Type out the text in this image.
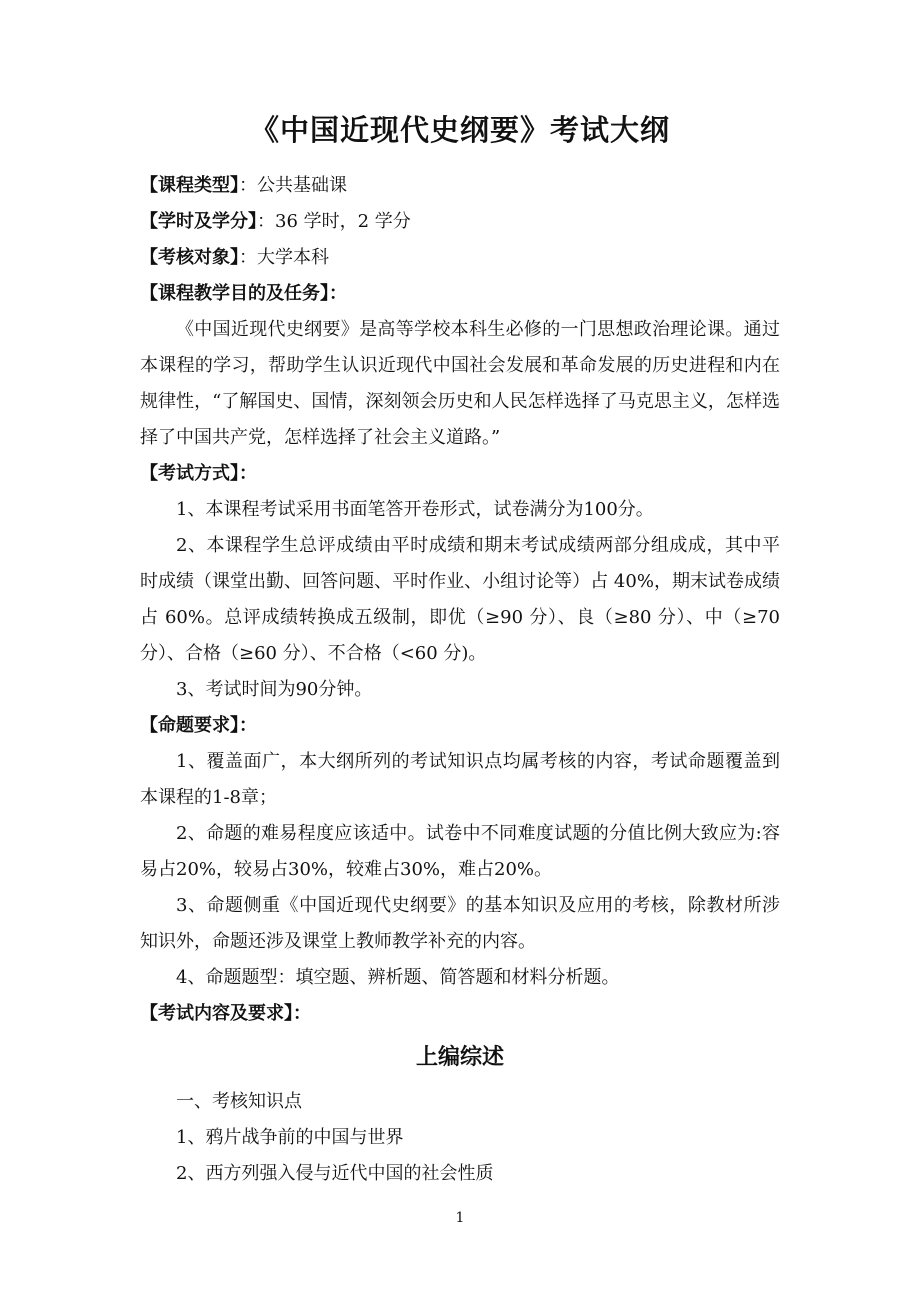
《中国近现代史纲要》考试大纲
【课程类型】：公共基础课
【学时及学分】：36 学时，2 学分
【考核对象】：大学本科
【课程教学目的及任务】：
《中国近现代史纲要》是高等学校本科生必修的一门思想政治理论课。通过本课程的学习，帮助学生认识近现代中国社会发展和革命发展的历史进程和内在规律性，“了解国史、国情，深刻领会历史和人民怎样选择了马克思主义，怎样选择了中国共产党，怎样选择了社会主义道路。”
【考试方式】：
1、本课程考试采用书面笔答开卷形式，试卷满分为100分。
2、本课程学生总评成绩由平时成绩和期末考试成绩两部分组成成，其中平时成绩（课堂出勤、回答问题、平时作业、小组讨论等）占 40%，期末试卷成绩占 60%。总评成绩转换成五级制，即优（≥90 分）、良（≥80 分）、中（≥70分）、合格（≥60 分）、不合格（<60 分)。
3、考试时间为90分钟。
【命题要求】：
1、覆盖面广，本大纲所列的考试知识点均属考核的内容，考试命题覆盖到本课程的1-8章；
2、命题的难易程度应该适中。试卷中不同难度试题的分值比例大致应为:容易占20%，较易占30%，较难占30%，难占20%。
3、命题侧重《中国近现代史纲要》的基本知识及应用的考核，除教材所涉知识外，命题还涉及课堂上教师教学补充的内容。
4、命题题型：填空题、辨析题、简答题和材料分析题。
【考试内容及要求】：
上编综述
一、考核知识点
1、鸦片战争前的中国与世界
2、西方列强入侵与近代中国的社会性质
1
